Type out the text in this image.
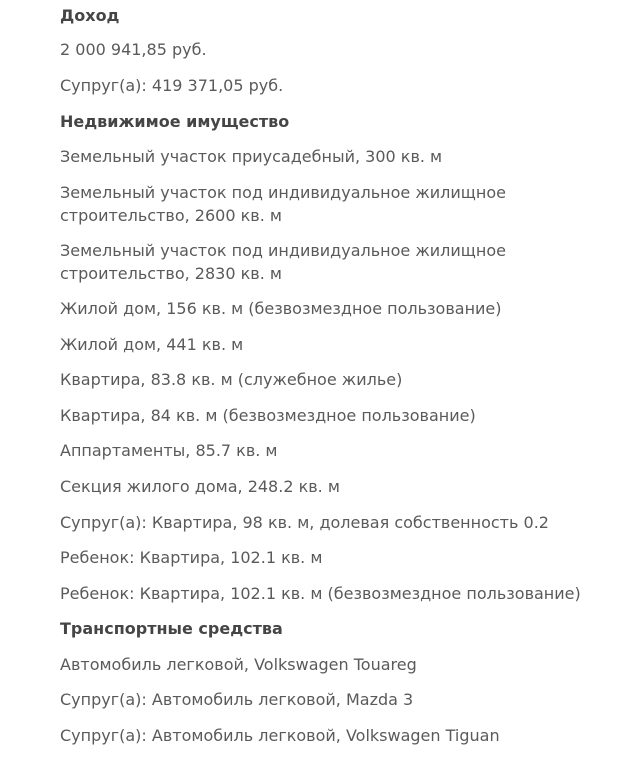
Доход
2 000 941,85 руб.
Супруг(а): 419 371,05 руб.
Недвижимое имущество
Земельный участок приусадебный, 300 кв. м
Земельный участок под индивидуальное жилищное
строительство, 2600 кв. м
Земельный участок под индивидуальное жилищное
строительство, 2830 кв. м
Жилой дом, 156 кв. м (безвозмездное пользование)
Жилой дом, 441 кв. м
Квартира, 83.8 кв. м (служебное жилье)
Квартира, 84 кв. м (безвозмездное пользование)
Аппартаменты, 85.7 кв. м
Секция жилого дома, 248.2 кв. м
Супруг(а): Квартира, 98 кв. м, долевая собственность 0.2
Ребенок: Квартира, 102.1 кв. м
Ребенок: Квартира, 102.1 кв. м (безвозмездное пользование)
Транспортные средства
Автомобиль легковой, Volkswagen Touareg
Супруг(а): Автомобиль легковой, Mazda 3
Супруг(а): Автомобиль легковой, Volkswagen Tiguan
